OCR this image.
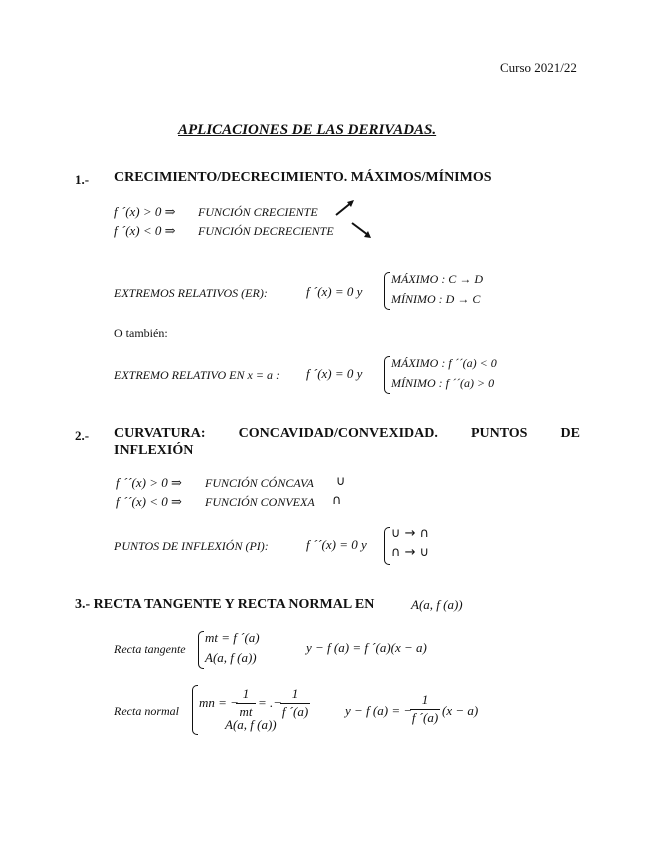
Curso 2021/22
APLICACIONES DE LAS DERIVADAS.
1.- CRECIMIENTO/DECRECIMIENTO. MÁXIMOS/MÍNIMOS
f ´(x) > 0 ⇒ FUNCIÓN CRECIENTE
f ´(x) < 0 ⇒ FUNCIÓN DECRECIENTE
EXTREMOS RELATIVOS (ER):	f ´(x) = 0 y
MÁXIMO : C → D
MÍNIMO : D → C
O también:
EXTREMO RELATIVO EN x = a : f ´(x) = 0 y
MÁXIMO : f ´´(a) < 0
MÍNIMO : f ´´(a) > 0
2.- CURVATURA: CONCAVIDAD/CONVEXIDAD. PUNTOS DE
INFLEXIÓN
f ´´(x) > 0 ⇒ FUNCIÓN CÓNCAVA ∪
f ´´(x) < 0 ⇒ FUNCIÓN CONVEXA ∩
PUNTOS DE INFLEXIÓN (PI):	f ´´(x) = 0 y
∪ → ∩
∩ → ∪
3.- RECTA TANGENTE Y RECTA NORMAL EN	A(a, f (a))
Recta tangente
mt = f ´(a)
A(a, f (a))
y − f (a) = f ´(a)(x − a)
Recta normal
mn = −
$\frac{1}{mt}$ = .−
$\frac{1}{f ´(a)}$
A(a, f (a))
y − f (a) = −
$\frac{1}{f ´(a)} (x - a)$
